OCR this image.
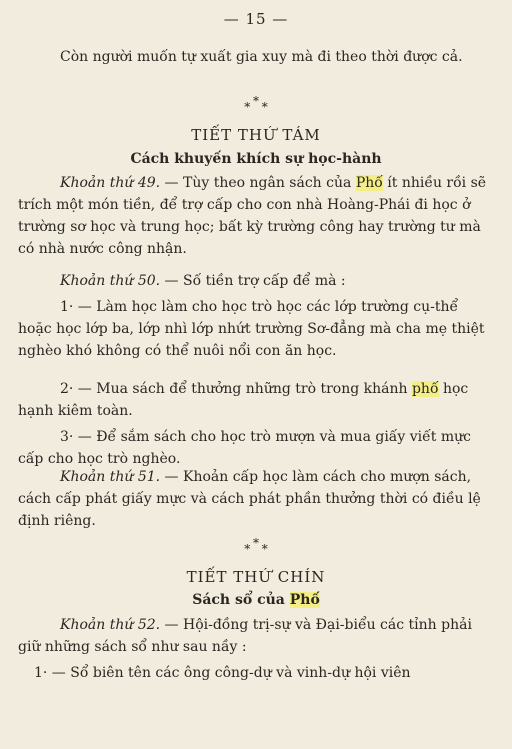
— 15 —
Còn người muốn tự xuất gia xuy mà đi theo thời được cả.
*
* *
TIẾT THỨ TÁM
Cách khuyến khích sự học-hành
Khoản thứ 49. — Tùy theo ngân sách của Phố ít nhiều rồi sẽ trích một món tiền, để trợ cấp cho con nhà Hoàng-Phái đi học ở trường sơ học và trung học; bất kỳ trường công hay trường tư mà có nhà nước công nhận.
Khoản thứ 50. — Số tiền trợ cấp để mà :
1· — Làm học làm cho học trò học các lớp trường cụ-thể hoặc học lớp ba, lớp nhì lớp nhứt trường Sơ-đẳng mà cha mẹ thiệt nghèo khó không có thể nuôi nổi con ăn học.
2· — Mua sách để thưởng những trò trong khánh phố học hạnh kiêm toàn.
3· — Để sắm sách cho học trò mượn và mua giấy viết mực cấp cho học trò nghèo.
Khoản thứ 51. — Khoản cấp học làm cách cho mượn sách, cách cấp phát giấy mực và cách phát phần thưởng thời có điều lệ định riêng.
*
* *
TIẾT THỨ CHÍN
Sách sổ của Phố
Khoản thứ 52. — Hội-đồng trị-sự và Đại-biểu các tỉnh phải giữ những sách sổ như sau nầy :
1· — Sổ biên tên các ông công-dự và vinh-dự hội viên
